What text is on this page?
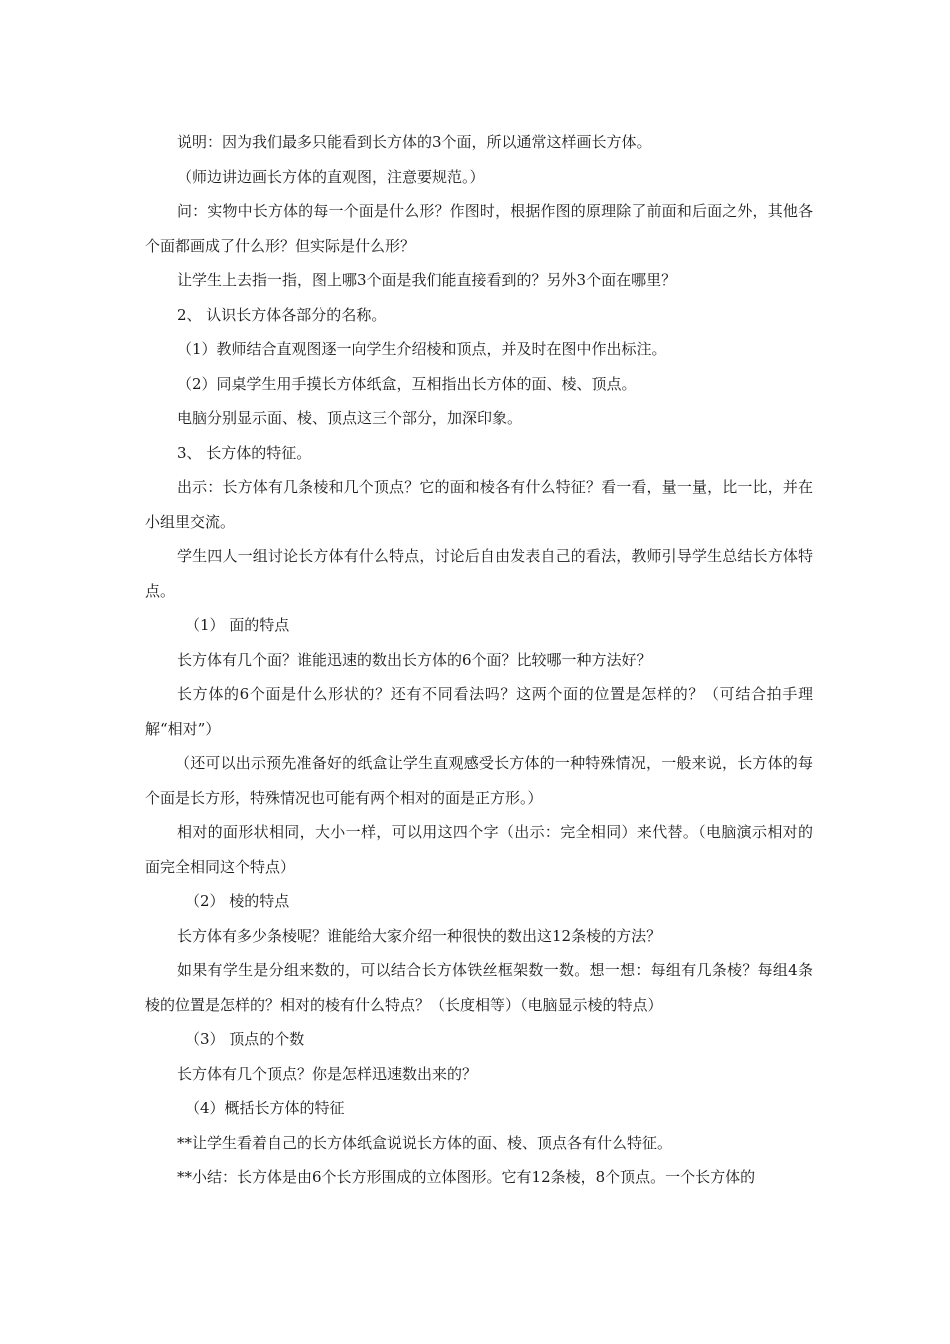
说明：因为我们最多只能看到长方体的3个面，所以通常这样画长方体。

（师边讲边画长方体的直观图，注意要规范。）

问：实物中长方体的每一个面是什么形？作图时，根据作图的原理除了前面和后面之外，其他各个面都画成了什么形？但实际是什么形？

让学生上去指一指，图上哪3个面是我们能直接看到的？另外3个面在哪里？

2、 认识长方体各部分的名称。

（1）教师结合直观图逐一向学生介绍棱和顶点，并及时在图中作出标注。

（2）同桌学生用手摸长方体纸盒，互相指出长方体的面、棱、顶点。

电脑分别显示面、棱、顶点这三个部分，加深印象。

3、 长方体的特征。

出示：长方体有几条棱和几个顶点？它的面和棱各有什么特征？看一看，量一量，比一比，并在小组里交流。

学生四人一组讨论长方体有什么特点，讨论后自由发表自己的看法，教师引导学生总结长方体特点。

（1） 面的特点

长方体有几个面？谁能迅速的数出长方体的6个面？比较哪一种方法好？

长方体的6个面是什么形状的？还有不同看法吗？这两个面的位置是怎样的？（可结合拍手理解“相对”）

（还可以出示预先准备好的纸盒让学生直观感受长方体的一种特殊情况，一般来说，长方体的每个面是长方形，特殊情况也可能有两个相对的面是正方形。）

相对的面形状相同，大小一样，可以用这四个字（出示：完全相同）来代替。（电脑演示相对的面完全相同这个特点）

（2） 棱的特点

长方体有多少条棱呢？谁能给大家介绍一种很快的数出这12条棱的方法？

如果有学生是分组来数的，可以结合长方体铁丝框架数一数。想一想：每组有几条棱？每组4条棱的位置是怎样的？相对的棱有什么特点？（长度相等）（电脑显示棱的特点）

（3） 顶点的个数

长方体有几个顶点？你是怎样迅速数出来的？

（4）概括长方体的特征

**让学生看着自己的长方体纸盒说说长方体的面、棱、顶点各有什么特征。

**小结：长方体是由6个长方形围成的立体图形。它有12条棱，8个顶点。一个长方体的
